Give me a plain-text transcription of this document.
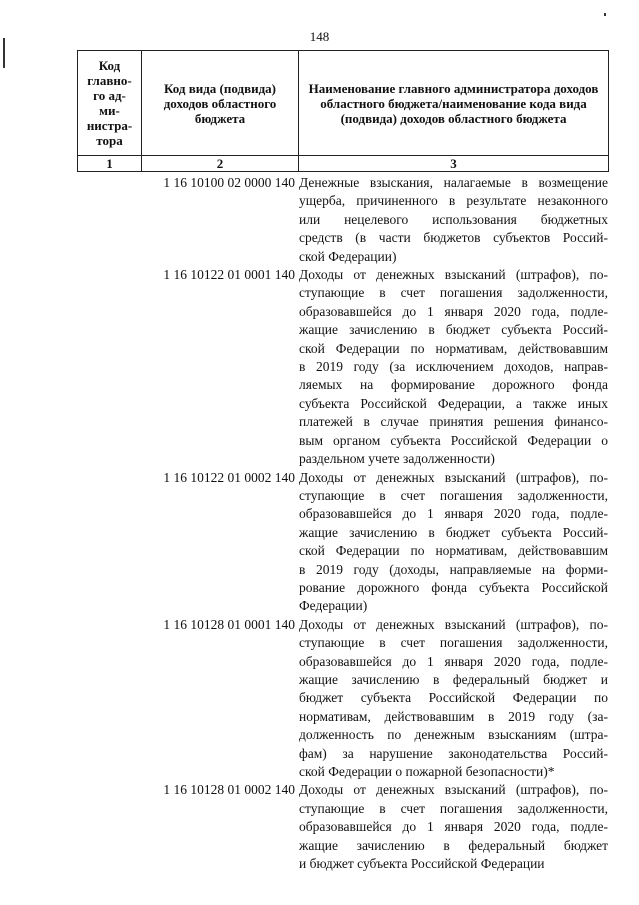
148
Код главного администратора	Код вида (подвида) доходов областного бюджета	Наименование главного администратора доходов областного бюджета/наименование кода вида (подвида) доходов областного бюджета
1	2	3
1 16 10100 02 0000 140 Денежные взыскания, налагаемые в возмещение
ущерба, причиненного в результате незаконного
или нецелевого использования бюджетных
средств (в части бюджетов субъектов Россий-
ской Федерации)
1 16 10122 01 0001 140 Доходы от денежных взысканий (штрафов), по-
ступающие в счет погашения задолженности,
образовавшейся до 1 января 2020 года, подле-
жащие зачислению в бюджет субъекта Россий-
ской Федерации по нормативам, действовавшим
в 2019 году (за исключением доходов, направ-
ляемых на формирование дорожного фонда
субъекта Российской Федерации, а также иных
платежей в случае принятия решения финансо-
вым органом субъекта Российской Федерации о
раздельном учете задолженности)
1 16 10122 01 0002 140 Доходы от денежных взысканий (штрафов), по-
ступающие в счет погашения задолженности,
образовавшейся до 1 января 2020 года, подле-
жащие зачислению в бюджет субъекта Россий-
ской Федерации по нормативам, действовавшим
в 2019 году (доходы, направляемые на форми-
рование дорожного фонда субъекта Российской
Федерации)
1 16 10128 01 0001 140 Доходы от денежных взысканий (штрафов), по-
ступающие в счет погашения задолженности,
образовавшейся до 1 января 2020 года, подле-
жащие зачислению в федеральный бюджет и
бюджет субъекта Российской Федерации по
нормативам, действовавшим в 2019 году (за-
долженность по денежным взысканиям (штра-
фам) за нарушение законодательства Россий-
ской Федерации о пожарной безопасности)*
1 16 10128 01 0002 140 Доходы от денежных взысканий (штрафов), по-
ступающие в счет погашения задолженности,
образовавшейся до 1 января 2020 года, подле-
жащие зачислению в федеральный бюджет
и бюджет субъекта Российской Федерации
